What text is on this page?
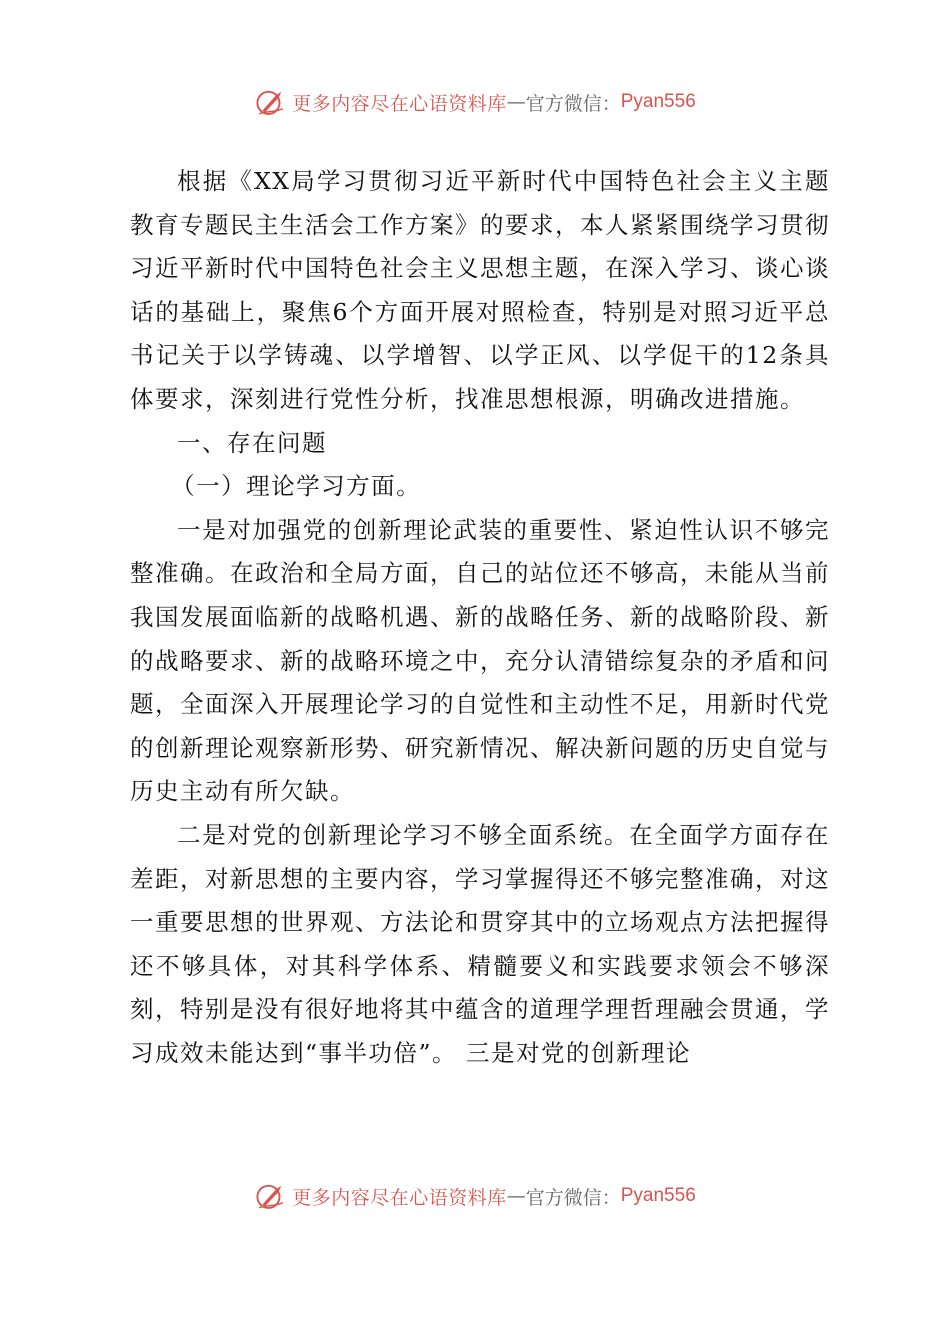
更多内容尽在心语资料库 — 官方微信： Pyan556

根据《XX局学习贯彻习近平新时代中国特色社会主义主题教育专题民主生活会工作方案》的要求，本人紧紧围绕学习贯彻习近平新时代中国特色社会主义思想主题，在深入学习、谈心谈话的基础上，聚焦6个方面开展对照检查，特别是对照习近平总书记关于以学铸魂、以学增智、以学正风、以学促干的12条具体要求，深刻进行党性分析，找准思想根源，明确改进措施。

一、存在问题

（一）理论学习方面。

一是对加强党的创新理论武装的重要性、紧迫性认识不够完整准确。在政治和全局方面，自己的站位还不够高，未能从当前我国发展面临新的战略机遇、新的战略任务、新的战略阶段、新的战略要求、新的战略环境之中，充分认清错综复杂的矛盾和问题，全面深入开展理论学习的自觉性和主动性不足，用新时代党的创新理论观察新形势、研究新情况、解决新问题的历史自觉与历史主动有所欠缺。

二是对党的创新理论学习不够全面系统。在全面学方面存在差距，对新思想的主要内容，学习掌握得还不够完整准确，对这一重要思想的世界观、方法论和贯穿其中的立场观点方法把握得还不够具体，对其科学体系、精髓要义和实践要求领会不够深刻，特别是没有很好地将其中蕴含的道理学理哲理融会贯通，学习成效未能达到“事半功倍”。 三是对党的创新理论

更多内容尽在心语资料库 — 官方微信： Pyan556
